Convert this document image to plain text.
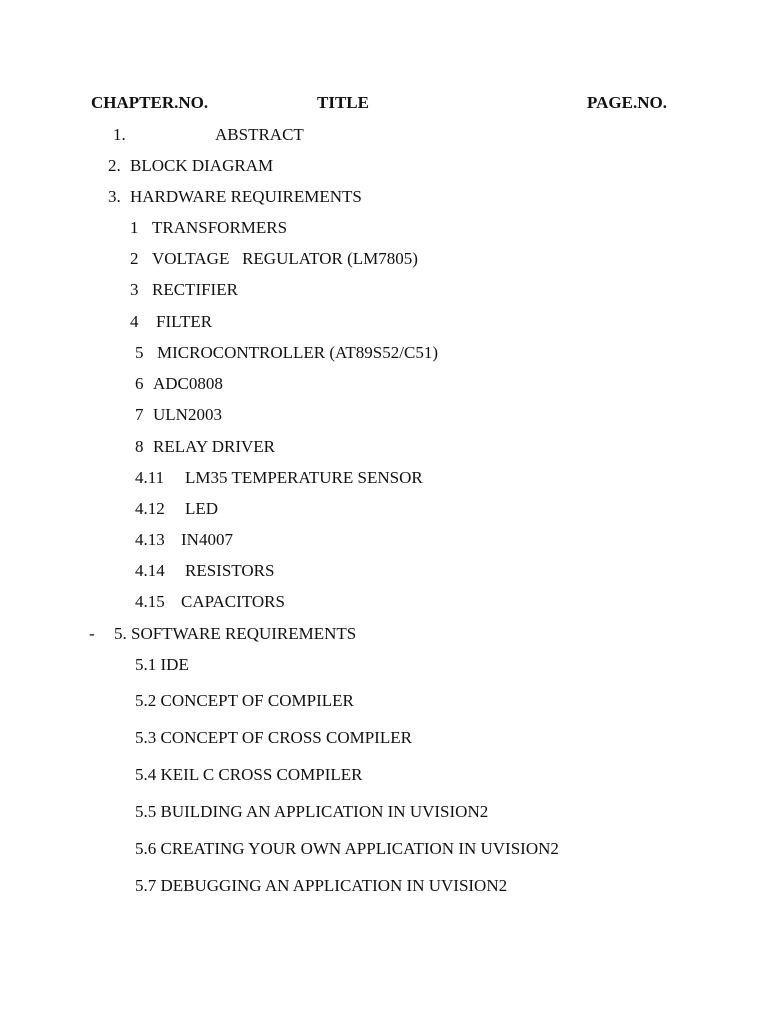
CHAPTER.NO.	TITLE	PAGE.NO.
1.	ABSTRACT
2. BLOCK DIAGRAM
3. HARDWARE REQUIREMENTS
1 TRANSFORMERS
2 VOLTAGE   REGULATOR (LM7805)
3 RECTIFIER
4 FILTER
5 MICROCONTROLLER (AT89S52/C51)
6 ADC0808
7 ULN2003
8 RELAY DRIVER
4.11 LM35 TEMPERATURE SENSOR
4.12 LED
4.13 IN4007
4.14 RESISTORS
4.15 CAPACITORS
- 5. SOFTWARE REQUIREMENTS
5.1 IDE
5.2 CONCEPT OF COMPILER
5.3 CONCEPT OF CROSS COMPILER
5.4 KEIL C CROSS COMPILER
5.5 BUILDING AN APPLICATION IN UVISION2
5.6 CREATING YOUR OWN APPLICATION IN UVISION2
5.7 DEBUGGING AN APPLICATION IN UVISION2
